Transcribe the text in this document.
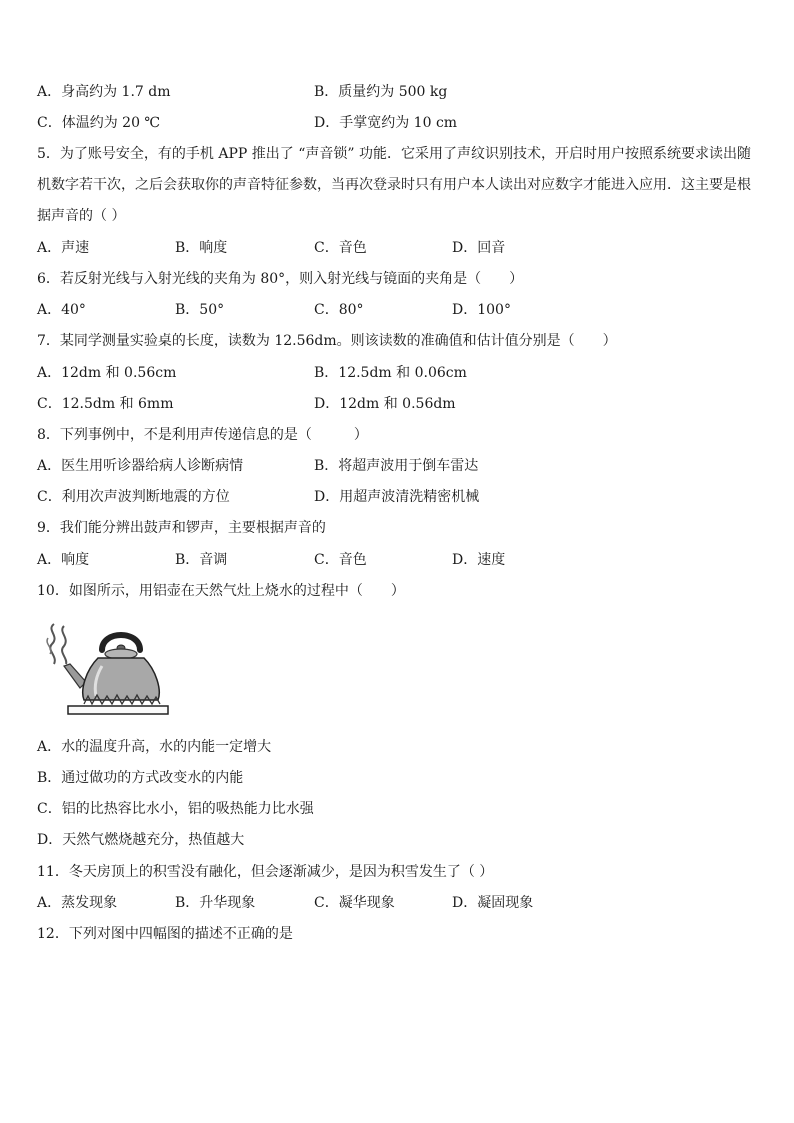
A．身高约为 1.7 dm	B．质量约为 500 kg
C．体温约为 20 ℃	D．手掌宽约为 10 cm
5．为了账号安全，有的手机 APP 推出了 “声音锁” 功能．它采用了声纹识别技术，开启时用户按照系统要求读出随
机数字若干次，之后会获取你的声音特征参数，当再次登录时只有用户本人读出对应数字才能进入应用．这主要是根
据声音的（ ）
A．声速	B．响度	C．音色	D．回音
6．若反射光线与入射光线的夹角为 80°，则入射光线与镜面的夹角是（　　）
A．40°	B．50°	C．80°	D．100°
7．某同学测量实验桌的长度，读数为 12.56dm。则该读数的准确值和估计值分别是（　　）
A．12dm 和 0.56cm	B．12.5dm 和 0.06cm
C．12.5dm 和 6mm	D．12dm 和 0.56dm
8．下列事例中，不是利用声传递信息的是（　　　）
A．医生用听诊器给病人诊断病情	B．将超声波用于倒车雷达
C．利用次声波判断地震的方位	D．用超声波清洗精密机械
9．我们能分辨出鼓声和锣声，主要根据声音的
A．响度	B．音调	C．音色	D．速度
10．如图所示，用铝壶在天然气灶上烧水的过程中（　　）
A．水的温度升高，水的内能一定增大
B．通过做功的方式改变水的内能
C．铝的比热容比水小，铝的吸热能力比水强
D．天然气燃烧越充分，热值越大
11．冬天房顶上的积雪没有融化，但会逐渐减少，是因为积雪发生了（ ）
A．蒸发现象	B．升华现象	C．凝华现象	D．凝固现象
12．下列对图中四幅图的描述不正确的是
